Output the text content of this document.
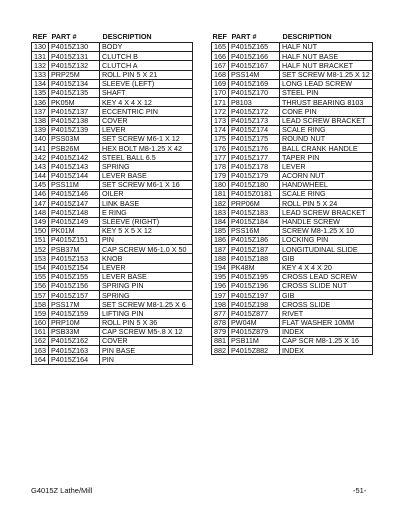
REF	PART #	DESCRIPTION
130	P4015Z130	BODY
131	P4015Z131	CLUTCH B
132	P4015Z132	CLUTCH A
133	PRP25M	ROLL PIN 5 X 21
134	P4015Z134	SLEEVE (LEFT)
135	P4015Z135	SHAFT
136	PK05M	KEY 4 X 4 X 12
137	P4015Z137	ECCENTRIC PIN
138	P4015Z138	COVER
139	P4015Z139	LEVER
140	PSS03M	SET SCREW M6-1 X 12
141	PSB26M	HEX BOLT M8-1.25 X 42
142	P4015Z142	STEEL BALL 6.5
143	P4015Z143	SPRING
144	P4015Z144	LEVER BASE
145	PSS11M	SET SCREW M6-1 X 16
146	P4015Z146	OILER
147	P4015Z147	LINK BASE
148	P4015Z148	E RING
149	P4015Z149	SLEEVE (RIGHT)
150	PK01M	KEY 5 X 5 X 12
151	P4015Z151	PIN
152	PSB37M	CAP SCREW M6-1.0 X 50
153	P4015Z153	KNOB
154	P4015Z154	LEVER
155	P4015Z155	LEVER BASE
156	P4015Z156	SPRING PIN
157	P4015Z157	SPRING
158	PSS17M	SET SCREW M8-1.25 X 6
159	P4015Z159	LIFTING PIN
160	PRP10M	ROLL PIN 5 X 36
161	PSB33M	CAP SCREW M5-.8 X 12
162	P4015Z162	COVER
163	P4015Z163	PIN BASE
164	P4015Z164	PIN
REF	PART #	DESCRIPTION
165	P4015Z165	HALF NUT
166	P4015Z166	HALF NUT BASE
167	P4015Z167	HALF NUT BRACKET
168	PSS14M	SET SCREW M8-1.25 X 12
169	P4015Z169	LONG LEAD SCREW
170	P4015Z170	STEEL PIN
171	P8103	THRUST BEARING 8103
172	P4015Z172	CONE PIN
173	P4015Z173	LEAD SCREW BRACKET
174	P4015Z174	SCALE RING
175	P4015Z175	ROUND NUT
176	P4015Z176	BALL CRANK HANDLE
177	P4015Z177	TAPER PIN
178	P4015Z178	LEVER
179	P4015Z179	ACORN NUT
180	P4015Z180	HANDWHEEL
181	P4015Z0181	SCALE RING
182	PRP06M	ROLL PIN 5 X 24
183	P4015Z183	LEAD SCREW BRACKET
184	P4015Z184	HANDLE SCREW
185	PSS16M	SCREW M8-1.25 X 10
186	P4015Z186	LOCKING PIN
187	P4015Z187	LONGITUDINAL SLIDE
188	P4015Z188	GIB
194	PK48M	KEY 4 X 4 X 20
195	P4015Z195	CROSS LEAD SCREW
196	P4015Z196	CROSS SLIDE NUT
197	P4015Z197	GIB
198	P4015Z198	CROSS SLIDE
877	P4015Z877	RIVET
878	PW04M	FLAT WASHER 10MM
879	P4015Z879	INDEX
881	PSB11M	CAP SCR M8-1.25 X 16
882	P4015Z882	INDEX
G4015Z Lathe/Mill	-51-
